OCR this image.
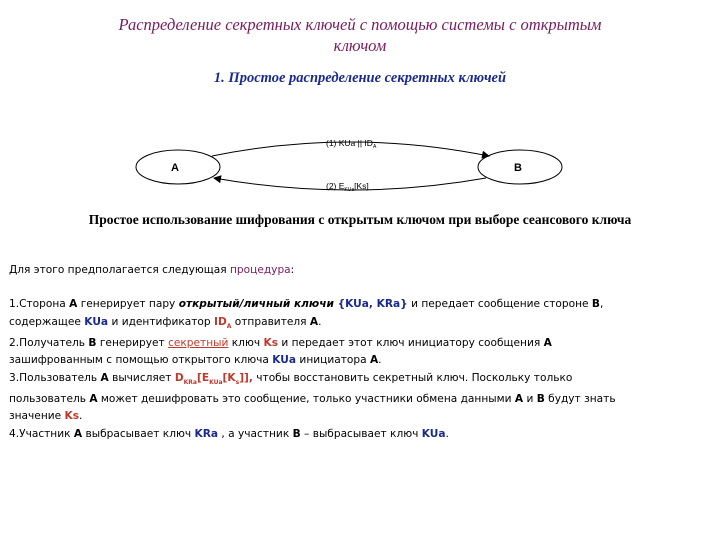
Распределение секретных ключей с помощью системы с открытым
ключом
1. Простое распределение секретных ключей
A	B
(1) KUa || $ID_A$
(2) $E_{KUa}[Ks]$
Простое использование шифрования с открытым ключом при выборе сеансового ключа

Для этого предполагается следующая процедура:

1.Сторона A генерирует пару открытый/личный ключи {KUa, KRa} и передает сообщение стороне B,
содержащее KUa и идентификатор $ID_A$ отправителя A.

2.Получатель B генерирует секретный ключ Ks и передает этот ключ инициатору сообщения A
зашифрованным с помощью открытого ключа KUa инициатора A.

3.Пользователь A вычисляет $D_{KRa}[E_{KUa}[K_s]]$, чтобы восстановить секретный ключ. Поскольку только
пользователь A может дешифровать это сообщение, только участники обмена данными A и B будут знать
значение Ks.

4.Участник A выбрасывает ключ KRa , а участник B – выбрасывает ключ KUa.
